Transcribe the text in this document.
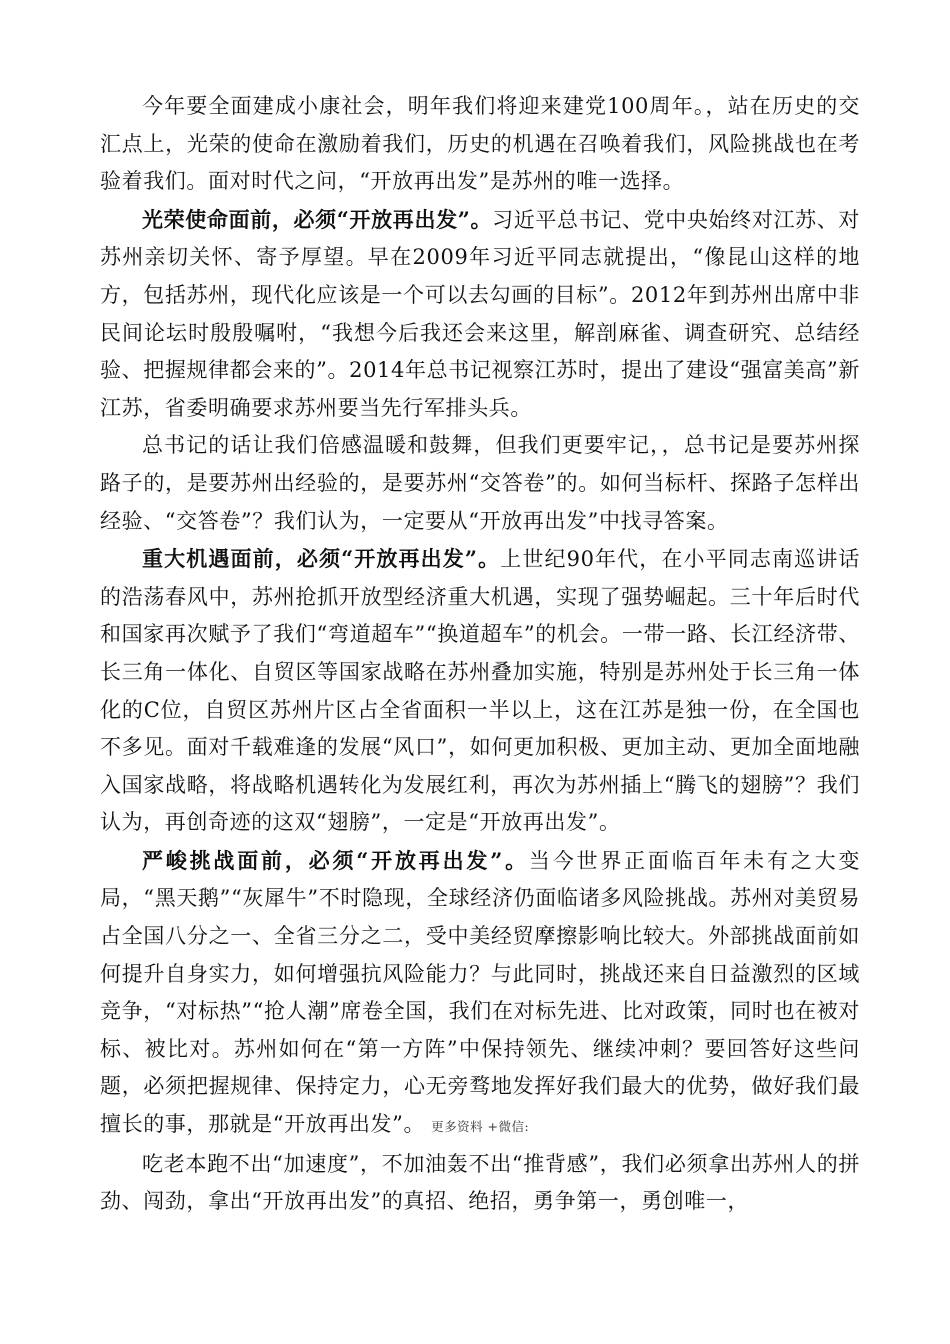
今年要全面建成小康社会，明年我们将迎来建党100周年。，站在历史的交汇点上，光荣的使命在激励着我们，历史的机遇在召唤着我们，风险挑战也在考验着我们。面对时代之问，“开放再出发”是苏州的唯一选择。

光荣使命面前，必须“开放再出发”。习近平总书记、党中央始终对江苏、对苏州亲切关怀、寄予厚望。早在2009年习近平同志就提出，“像昆山这样的地方，包括苏州，现代化应该是一个可以去勾画的目标”。2012年到苏州出席中非民间论坛时殷殷嘱咐，“我想今后我还会来这里，解剖麻雀、调查研究、总结经验、把握规律都会来的”。2014年总书记视察江苏时，提出了建设“强富美高”新江苏，省委明确要求苏州要当先行军排头兵。

总书记的话让我们倍感温暖和鼓舞，但我们更要牢记，，总书记是要苏州探路子的，是要苏州出经验的，是要苏州“交答卷”的。如何当标杆、探路子怎样出经验、“交答卷”？我们认为，一定要从“开放再出发”中找寻答案。

重大机遇面前，必须“开放再出发”。上世纪90年代，在小平同志南巡讲话的浩荡春风中，苏州抢抓开放型经济重大机遇，实现了强势崛起。三十年后时代和国家再次赋予了我们“弯道超车”“换道超车”的机会。一带一路、长江经济带、长三角一体化、自贸区等国家战略在苏州叠加实施，特别是苏州处于长三角一体化的C位，自贸区苏州片区占全省面积一半以上，这在江苏是独一份，在全国也不多见。面对千载难逢的发展“风口”，如何更加积极、更加主动、更加全面地融入国家战略，将战略机遇转化为发展红利，再次为苏州插上“腾飞的翅膀”？我们认为，再创奇迹的这双“翅膀”，一定是“开放再出发”。

严峻挑战面前，必须“开放再出发”。当今世界正面临百年未有之大变局，“黑天鹅”“灰犀牛”不时隐现，全球经济仍面临诸多风险挑战。苏州对美贸易占全国八分之一、全省三分之二，受中美经贸摩擦影响比较大。外部挑战面前如何提升自身实力，如何增强抗风险能力？与此同时，挑战还来自日益激烈的区域竞争，“对标热”“抢人潮”席卷全国，我们在对标先进、比对政策，同时也在被对标、被比对。苏州如何在“第一方阵”中保持领先、继续冲刺？要回答好这些问题，必须把握规律、保持定力，心无旁骛地发挥好我们最大的优势，做好我们最擅长的事，那就是“开放再出发”。 更多资料 +微信:

吃老本跑不出“加速度”，不加油轰不出“推背感”，我们必须拿出苏州人的拼劲、闯劲，拿出“开放再出发”的真招、绝招，勇争第一，勇创唯一，
